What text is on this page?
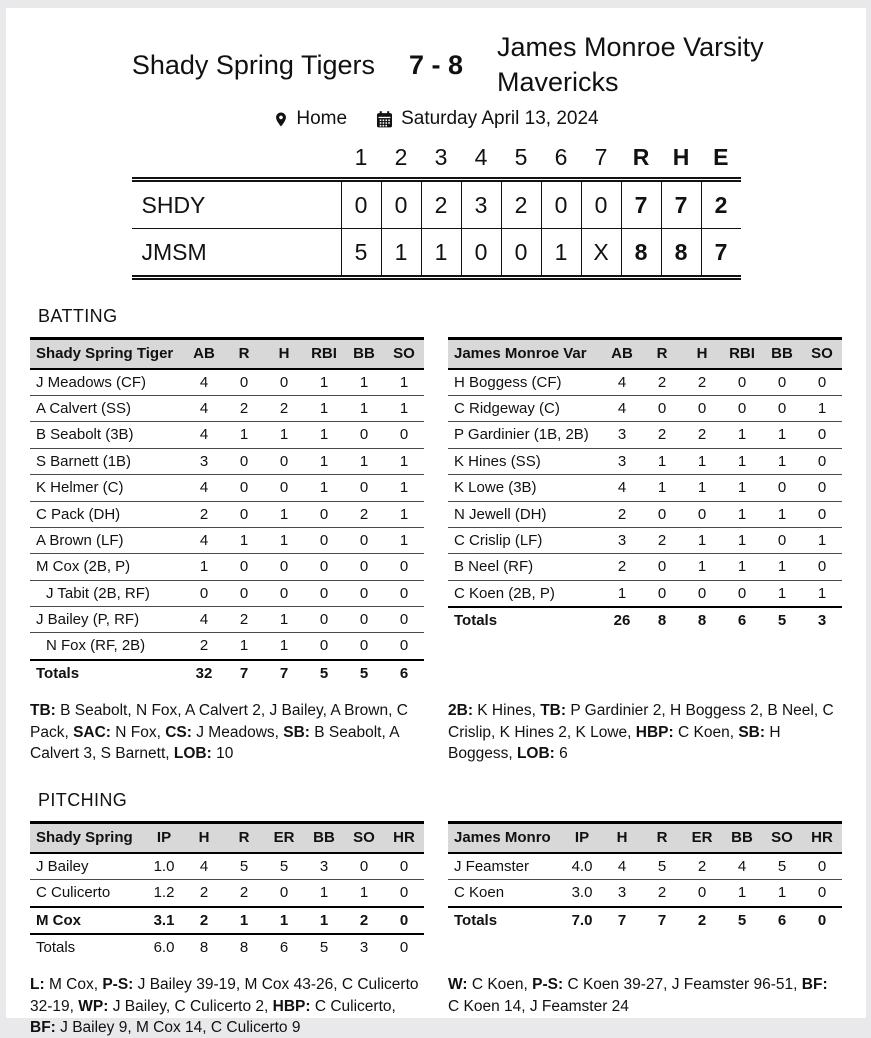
Shady Spring Tigers 7 - 8
James Monroe Varsity Mavericks
Home	Saturday April 13, 2024
	1	2	3	4	5	6	7	R	H	E
SHDY	0	0	2	3	2	0	0	7	7	2
JMSM	5	1	1	0	0	1	X	8	8	7
BATTING
Shady Spring Tiger	AB	R	H	RBI	BB	SO
J Meadows (CF)	4	0	0	1	1	1
A Calvert (SS)	4	2	2	1	1	1
B Seabolt (3B)	4	1	1	1	0	0
S Barnett (1B)	3	0	0	1	1	1
K Helmer (C)	4	0	0	1	0	1
C Pack (DH)	2	0	1	0	2	1
A Brown (LF)	4	1	1	0	0	1
M Cox (2B, P)	1	0	0	0	0	0
J Tabit (2B, RF)	0	0	0	0	0	0
J Bailey (P, RF)	4	2	1	0	0	0
N Fox (RF, 2B)	2	1	1	0	0	0
Totals	32	7	7	5	5	6
James Monroe Var	AB	R	H	RBI	BB	SO
H Boggess (CF)	4	2	2	0	0	0
C Ridgeway (C)	4	0	0	0	0	1
P Gardinier (1B, 2B)	3	2	2	1	1	0
K Hines (SS)	3	1	1	1	1	0
K Lowe (3B)	4	1	1	1	0	0
N Jewell (DH)	2	0	0	1	1	0
C Crislip (LF)	3	2	1	1	0	1
B Neel (RF)	2	0	1	1	1	0
C Koen (2B, P)	1	0	0	0	1	1
Totals	26	8	8	6	5	3

TB: B Seabolt, N Fox, A Calvert 2, J Bailey, A Brown, C Pack, SAC: N Fox, CS: J Meadows, SB: B Seabolt, A Calvert 3, S Barnett, LOB: 10

2B: K Hines, TB: P Gardinier 2, H Boggess 2, B Neel, C Crislip, K Hines 2, K Lowe, HBP: C Koen, SB: H Boggess, LOB: 6

PITCHING
Shady Spring	IP	H	R	ER	BB	SO	HR
J Bailey	1.0	4	5	5	3	0	0
C Culicerto	1.2	2	2	0	1	1	0
M Cox	3.1	2	1	1	1	2	0
Totals	6.0	8	8	6	5	3	0
James Monro	IP	H	R	ER	BB	SO	HR
J Feamster	4.0	4	5	2	4	5	0
C Koen	3.0	3	2	0	1	1	0
Totals	7.0	7	7	2	5	6	0

L: M Cox, P-S: J Bailey 39-19, M Cox 43-26, C Culicerto 32-19, WP: J Bailey, C Culicerto 2, HBP: C Culicerto, BF: J Bailey 9, M Cox 14, C Culicerto 9

W: C Koen, P-S: C Koen 39-27, J Feamster 96-51, BF: C Koen 14, J Feamster 24
